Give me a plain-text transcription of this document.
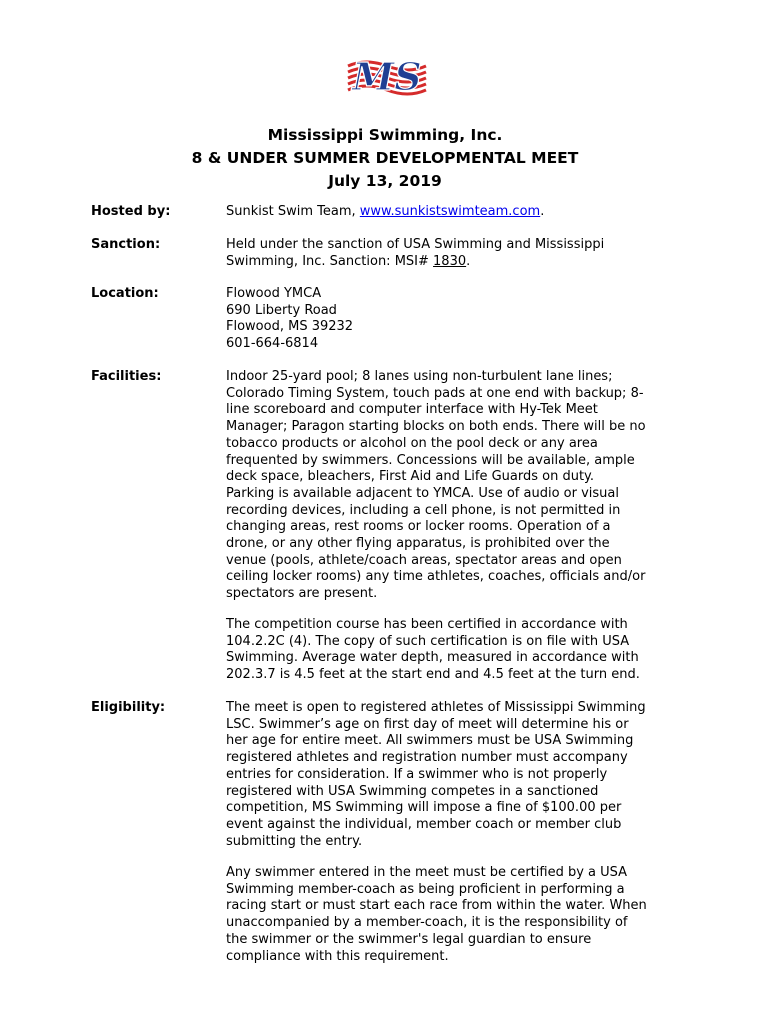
MS
Mississippi Swimming, Inc.
8 & UNDER SUMMER DEVELOPMENTAL MEET
July 13, 2019
Hosted by:	Sunkist Swim Team, www.sunkistswimteam.com.
Sanction:	Held under the sanction of USA Swimming and Mississippi
Swimming, Inc. Sanction: MSI# 1830.
Location:	Flowood YMCA
690 Liberty Road
Flowood, MS 39232
601-664-6814
Facilities:	Indoor 25-yard pool; 8 lanes using non-turbulent lane lines;
Colorado Timing System, touch pads at one end with backup; 8-
line scoreboard and computer interface with Hy-Tek Meet
Manager; Paragon starting blocks on both ends. There will be no
tobacco products or alcohol on the pool deck or any area
frequented by swimmers. Concessions will be available, ample
deck space, bleachers, First Aid and Life Guards on duty.
Parking is available adjacent to YMCA. Use of audio or visual
recording devices, including a cell phone, is not permitted in
changing areas, rest rooms or locker rooms. Operation of a
drone, or any other flying apparatus, is prohibited over the
venue (pools, athlete/coach areas, spectator areas and open
ceiling locker rooms) any time athletes, coaches, officials and/or
spectators are present.
The competition course has been certified in accordance with
104.2.2C (4). The copy of such certification is on file with USA
Swimming. Average water depth, measured in accordance with
202.3.7 is 4.5 feet at the start end and 4.5 feet at the turn end.
Eligibility:	The meet is open to registered athletes of Mississippi Swimming
LSC. Swimmer’s age on first day of meet will determine his or
her age for entire meet. All swimmers must be USA Swimming
registered athletes and registration number must accompany
entries for consideration. If a swimmer who is not properly
registered with USA Swimming competes in a sanctioned
competition, MS Swimming will impose a fine of $100.00 per
event against the individual, member coach or member club
submitting the entry.
Any swimmer entered in the meet must be certified by a USA
Swimming member-coach as being proficient in performing a
racing start or must start each race from within the water. When
unaccompanied by a member-coach, it is the responsibility of
the swimmer or the swimmer's legal guardian to ensure
compliance with this requirement.
